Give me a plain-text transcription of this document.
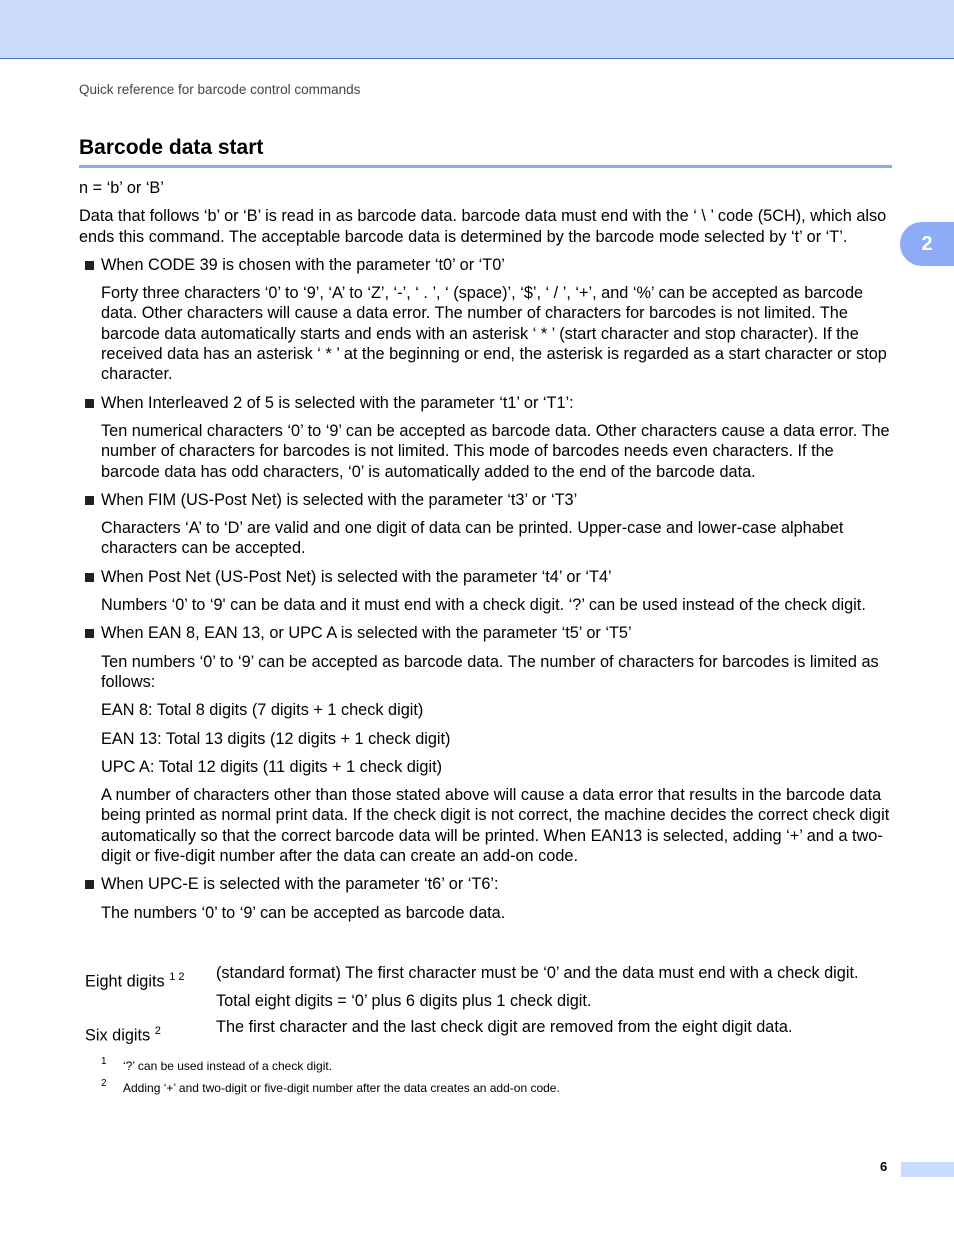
Quick reference for barcode control commands
Barcode data start
2

n = ‘b’ or ‘B’

Data that follows ‘b’ or ‘B’ is read in as barcode data. barcode data must end with the ‘ \ ’ code (5CH), which also ends this command. The acceptable barcode data is determined by the barcode mode selected by ‘t’ or ‘T’.

When CODE 39 is chosen with the parameter ‘t0’ or ‘T0’

Forty three characters ‘0’ to ‘9’, ‘A’ to ‘Z’, ‘-’, ‘ . ’, ‘ (space)’, ‘$’, ‘ / ’, ‘+’, and ‘%’ can be accepted as barcode data. Other characters will cause a data error. The number of characters for barcodes is not limited. The barcode data automatically starts and ends with an asterisk ‘ * ’ (start character and stop character). If the received data has an asterisk ‘ * ’ at the beginning or end, the asterisk is regarded as a start character or stop character.

When Interleaved 2 of 5 is selected with the parameter ‘t1’ or ‘T1’:

Ten numerical characters ‘0’ to ‘9’ can be accepted as barcode data. Other characters cause a data error. The number of characters for barcodes is not limited. This mode of barcodes needs even characters. If the barcode data has odd characters, ‘0’ is automatically added to the end of the barcode data.

When FIM (US-Post Net) is selected with the parameter ‘t3’ or ‘T3’

Characters ‘A’ to ‘D’ are valid and one digit of data can be printed. Upper-case and lower-case alphabet characters can be accepted.

When Post Net (US-Post Net) is selected with the parameter ‘t4’ or ‘T4’

Numbers ‘0’ to ‘9' can be data and it must end with a check digit. ‘?’ can be used instead of the check digit.

When EAN 8, EAN 13, or UPC A is selected with the parameter ‘t5’ or ‘T5’

Ten numbers ‘0’ to ‘9’ can be accepted as barcode data. The number of characters for barcodes is limited as follows:

EAN 8: Total 8 digits (7 digits + 1 check digit)

EAN 13: Total 13 digits (12 digits + 1 check digit)

UPC A: Total 12 digits (11 digits + 1 check digit)

A number of characters other than those stated above will cause a data error that results in the barcode data being printed as normal print data. If the check digit is not correct, the machine decides the correct check digit automatically so that the correct barcode data will be printed. When EAN13 is selected, adding ‘+’ and a two-digit or five-digit number after the data can create an add-on code.

When UPC-E is selected with the parameter ‘t6’ or ‘T6’:

The numbers ‘0’ to ‘9’ can be accepted as barcode data.

Eight digits $^{1 2}$	(standard format) The first character must be ‘0’ and the data must end with a check digit.
Total eight digits = ‘0’ plus 6 digits plus 1 check digit.
Six digits $^2$	The first character and the last check digit are removed from the eight digit data.
1 ‘?’ can be used instead of a check digit.
2 Adding ‘+’ and two-digit or five-digit number after the data creates an add-on code.
6
